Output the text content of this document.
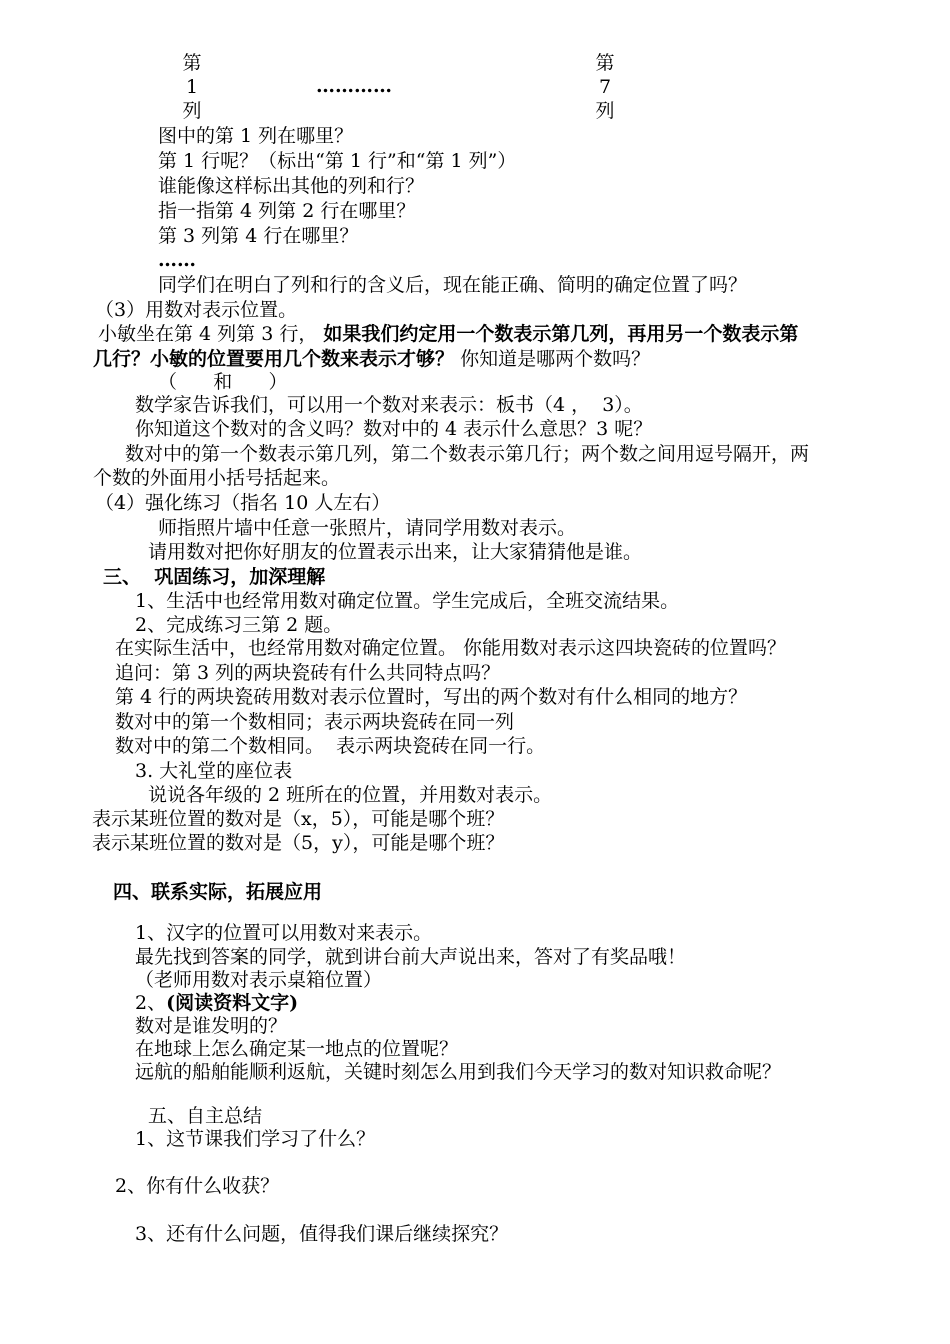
第
1
列
…………
第
7
列
图中的第 1 列在哪里？
第 1 行呢？（标出“第 1 行”和“第 1 列”）
谁能像这样标出其他的列和行？
指一指第 4 列第 2 行在哪里？
第 3 列第 4 行在哪里？
……
同学们在明白了列和行的含义后，现在能正确、简明的确定位置了吗？
（3）用数对表示位置。
小敏坐在第 4 列第 3 行， 如果我们约定用一个数表示第几列，再用另一个数表示第
几行？小敏的位置要用几个数来表示才够？ 你知道是哪两个数吗？
（      和      ）
数学家告诉我们，可以用一个数对来表示：板书（4 ，  3）。
你知道这个数对的含义吗？数对中的 4 表示什么意思？3 呢？
数对中的第一个数表示第几列，第二个数表示第几行；两个数之间用逗号隔开，两
个数的外面用小括号括起来。
（4）强化练习（指名 10 人左右）
师指照片墙中任意一张照片，请同学用数对表示。
请用数对把你好朋友的位置表示出来，让大家猜猜他是谁。
三、  巩固练习，加深理解
1、生活中也经常用数对确定位置。学生完成后，全班交流结果。
2、完成练习三第 2 题。
在实际生活中，也经常用数对确定位置。 你能用数对表示这四块瓷砖的位置吗？
追问：第 3 列的两块瓷砖有什么共同特点吗？
第 4 行的两块瓷砖用数对表示位置时，写出的两个数对有什么相同的地方？
数对中的第一个数相同；表示两块瓷砖在同一列
数对中的第二个数相同。  表示两块瓷砖在同一行。
3. 大礼堂的座位表
说说各年级的 2 班所在的位置，并用数对表示。
表示某班位置的数对是（x，5），可能是哪个班？
表示某班位置的数对是（5，y），可能是哪个班？
四、联系实际，拓展应用
1、汉字的位置可以用数对来表示。
最先找到答案的同学，就到讲台前大声说出来，答对了有奖品哦！
（老师用数对表示桌箱位置）
2、(阅读资料文字)
数对是谁发明的？
在地球上怎么确定某一地点的位置呢？
远航的船舶能顺利返航，关键时刻怎么用到我们今天学习的数对知识救命呢？
五、自主总结
1、这节课我们学习了什么？
2、你有什么收获？
3、还有什么问题，值得我们课后继续探究？
